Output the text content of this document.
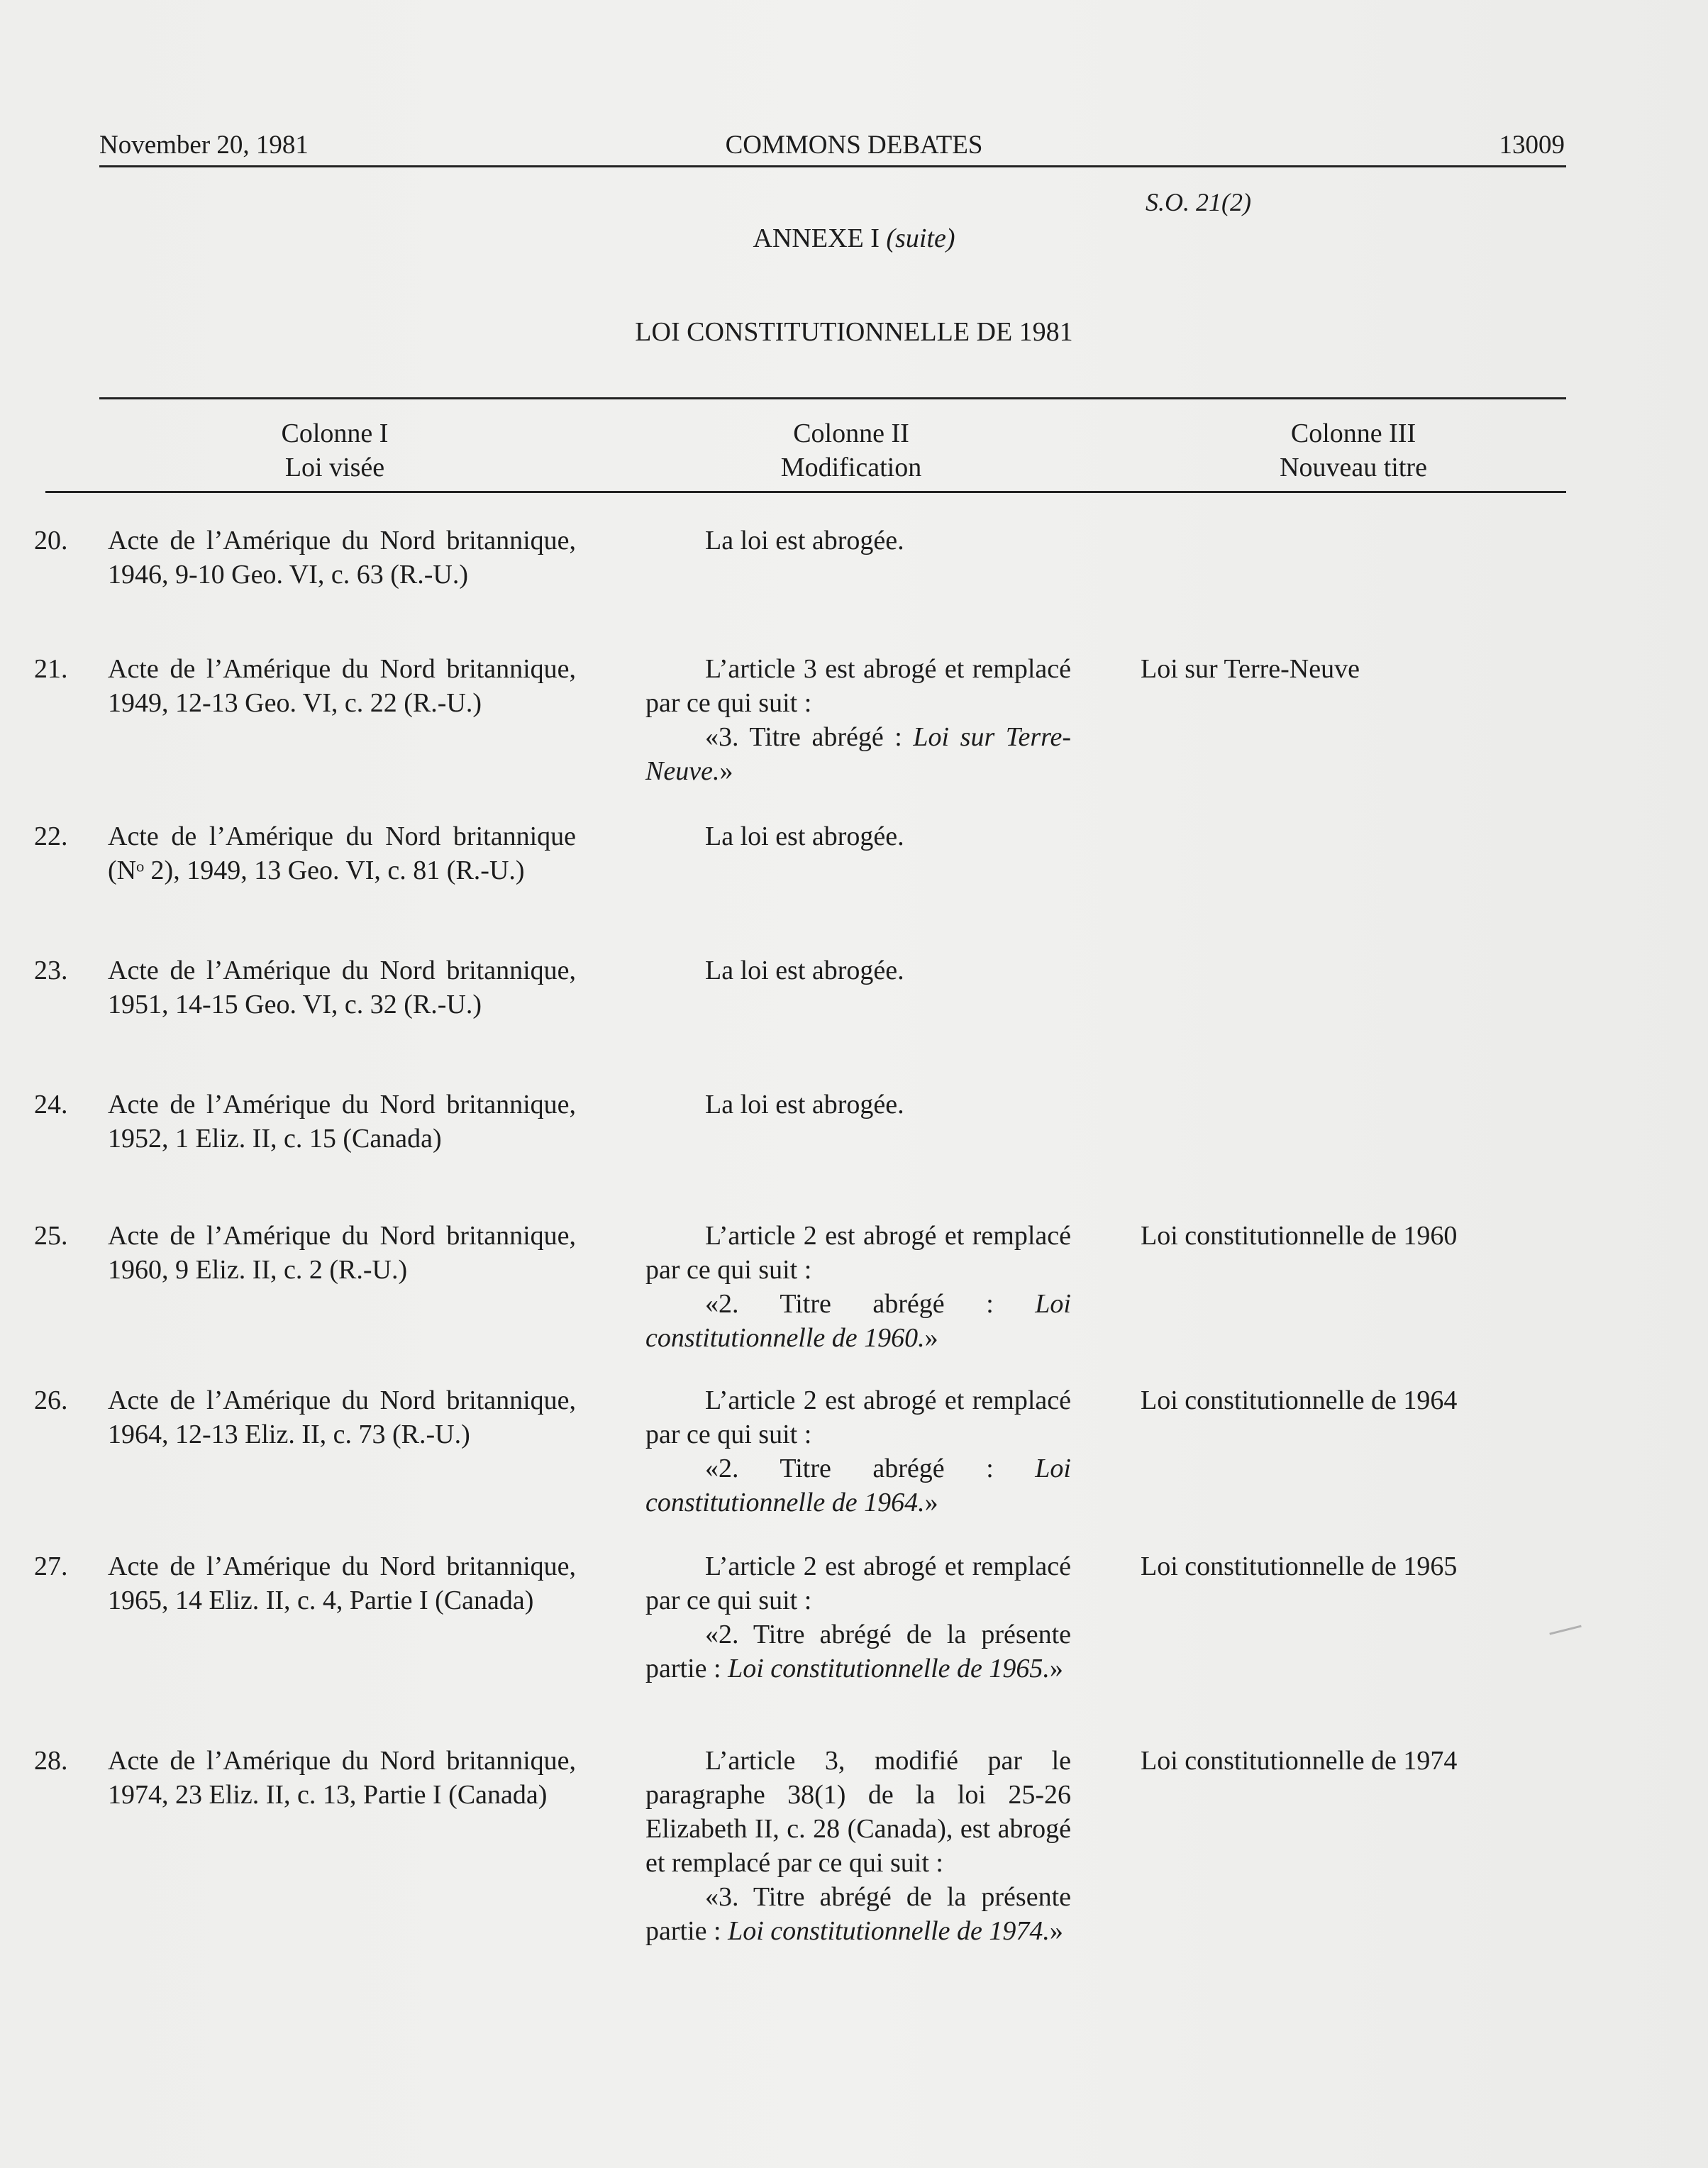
November 20, 1981	COMMONS DEBATES	13009
S.O. 21(2)
ANNEXE I (suite)
LOI CONSTITUTIONNELLE DE 1981
Colonne I
Loi visée
Colonne II
Modification
Colonne III
Nouveau titre
20. Acte de l’Amérique du Nord britannique, 1946, 9-10 Geo. VI, c. 63 (R.-U.)

La loi est abrogée.

21. Acte de l’Amérique du Nord britannique, 1949, 12-13 Geo. VI, c. 22 (R.-U.)

L’article 3 est abrogé et remplacé par ce qui suit :

«3. Titre abrégé : Loi sur Terre-Neuve.»

Loi sur Terre-Neuve
22. Acte de l’Amérique du Nord britannique (Nᵒ 2), 1949, 13 Geo. VI, c. 81 (R.-U.)

La loi est abrogée.

23. Acte de l’Amérique du Nord britannique, 1951, 14-15 Geo. VI, c. 32 (R.-U.)

La loi est abrogée.

24. Acte de l’Amérique du Nord britannique, 1952, 1 Eliz. II, c. 15 (Canada)

La loi est abrogée.

25. Acte de l’Amérique du Nord britannique, 1960, 9 Eliz. II, c. 2 (R.-U.)

L’article 2 est abrogé et remplacé par ce qui suit :

«2. Titre abrégé : Loi constitutionnelle de 1960.»

Loi constitutionnelle de 1960
26. Acte de l’Amérique du Nord britannique, 1964, 12-13 Eliz. II, c. 73 (R.-U.)

L’article 2 est abrogé et remplacé par ce qui suit :

«2. Titre abrégé : Loi constitutionnelle de 1964.»

Loi constitutionnelle de 1964
27. Acte de l’Amérique du Nord britannique, 1965, 14 Eliz. II, c. 4, Partie I (Canada)

L’article 2 est abrogé et remplacé par ce qui suit :

«2. Titre abrégé de la présente partie : Loi constitutionnelle de 1965.»

Loi constitutionnelle de 1965
28. Acte de l’Amérique du Nord britannique, 1974, 23 Eliz. II, c. 13, Partie I (Canada)

L’article 3, modifié par le paragraphe 38(1) de la loi 25-26 Elizabeth II, c. 28 (Canada), est abrogé et remplacé par ce qui suit :

«3. Titre abrégé de la présente partie : Loi constitutionnelle de 1974.»

Loi constitutionnelle de 1974
